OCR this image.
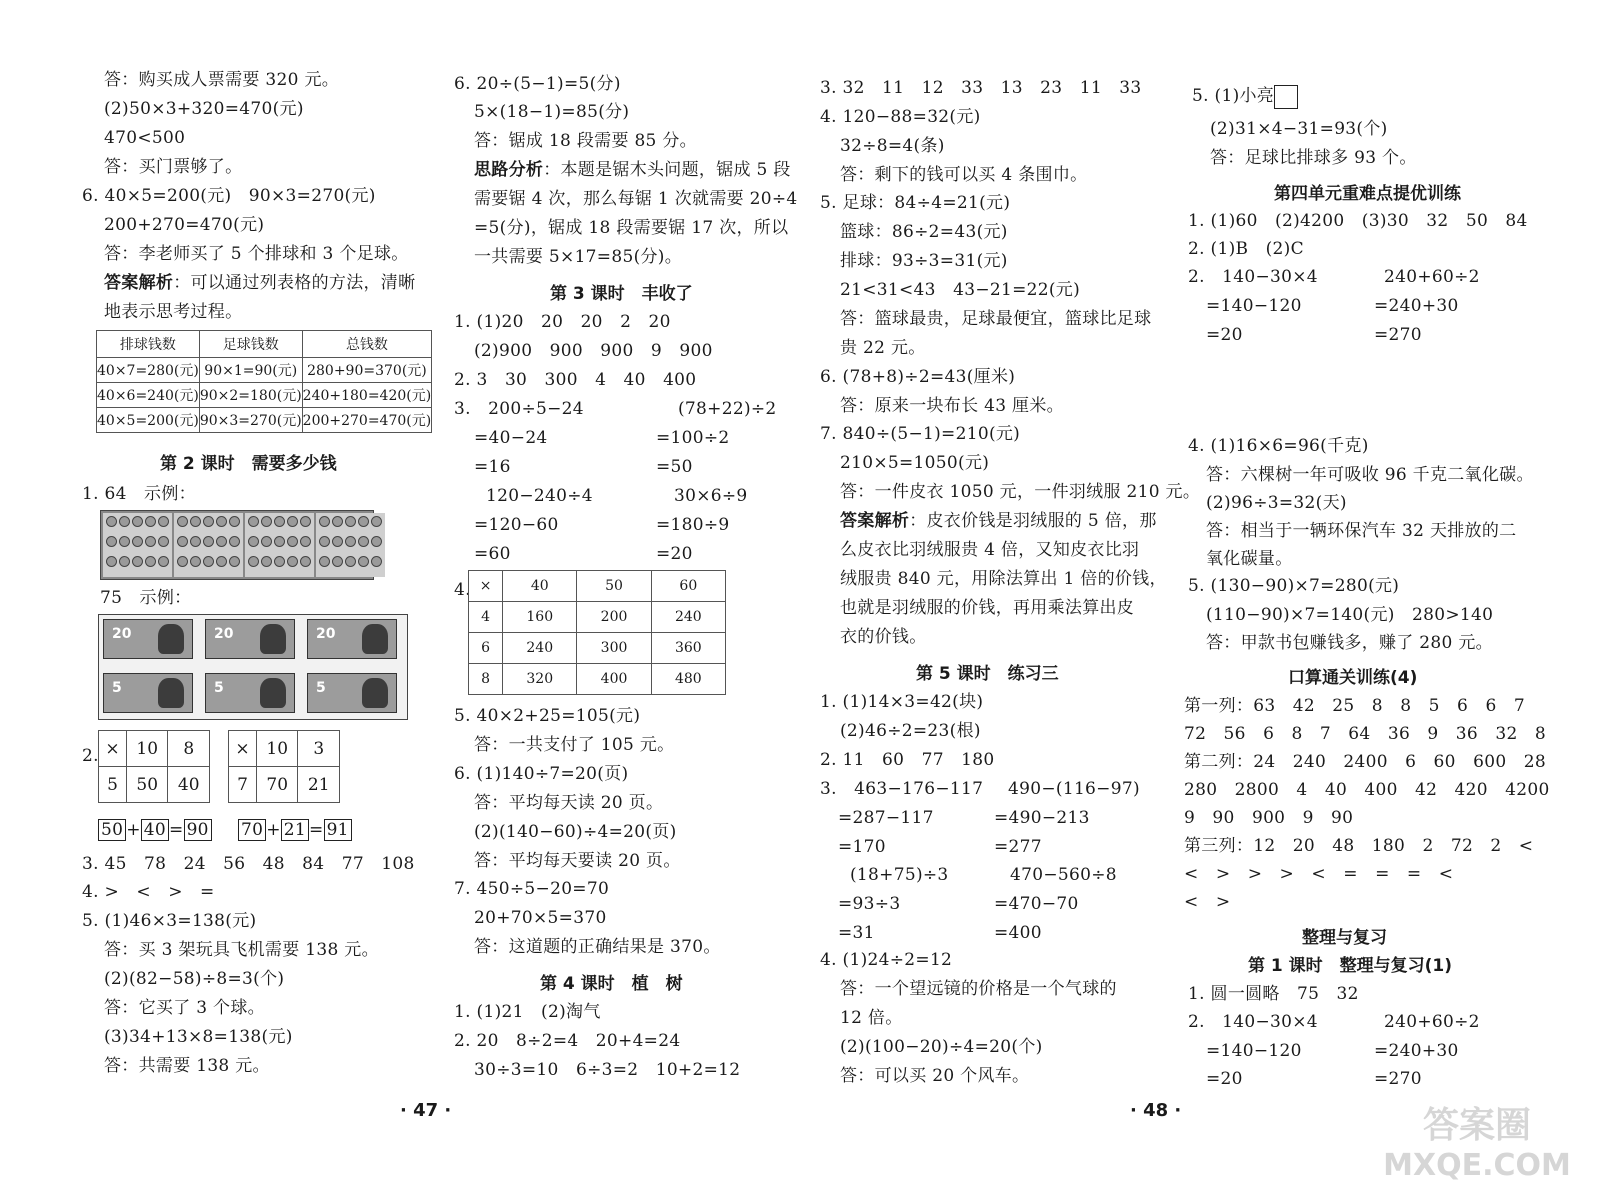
答：购买成人票需要 320 元。
(2)50×3+320=470(元)
470<500
答：买门票够了。
6. 40×5=200(元)　90×3=270(元)
200+270=470(元)
答：李老师买了 5 个排球和 3 个足球。
答案解析：可以通过列表格的方法，清晰
地表示思考过程。
排球钱数	足球钱数	总钱数
40×7=280(元)	90×1=90(元)	280+90=370(元)
40×6=240(元)	90×2=180(元)	240+180=420(元)
40×5=200(元)	90×3=270(元)	200+270=470(元)
第 2 课时　需要多少钱
1. 64　示例：
75　示例：
20	20	20
5	5	5
2. ×	10	8
5	50	40
×	10	3
7	70	21
50 + 40 = 90 70 + 21 = 91
3. 45　78　24　56　48　84　77　108
4. >　<　>　=
5. (1)46×3=138(元)
答：买 3 架玩具飞机需要 138 元。
(2)(82−58)÷8=3(个)
答：它买了 3 个球。
(3)34+13×8=138(元)
答：共需要 138 元。
6. 20÷(5−1)=5(分)
5×(18−1)=85(分)
答：锯成 18 段需要 85 分。
思路分析：本题是锯木头问题，锯成 5 段
需要锯 4 次，那么每锯 1 次就需要 20÷4
=5(分)，锯成 18 段需要锯 17 次，所以
一共需要 5×17=85(分)。
第 3 课时　丰收了
1. (1)20　20　20　2　20
(2)900　900　900　9　900
2. 3　30　300　4　40　400
3.　200÷5−24
=40−24
=16
120−240÷4
=120−60
=60
(78+22)÷2
=100÷2
=50
30×6÷9
=180÷9
=20
4. ×	40	50	60
4	160	200	240
6	240	300	360
8	320	400	480
5. 40×2+25=105(元)
答：一共支付了 105 元。
6. (1)140÷7=20(页)
答：平均每天读 20 页。
(2)(140−60)÷4=20(页)
答：平均每天要读 20 页。
7. 450÷5−20=70
20+70×5=370
答：这道题的正确结果是 370。
第 4 课时　植　树
1. (1)21　(2)淘气
2. 20　8÷2=4　20+4=24
30÷3=10　6÷3=2　10+2=12
· 47 ·
3. 32　11　12　33　13　23　11　33
4. 120−88=32(元)
32÷8=4(条)
答：剩下的钱可以买 4 条围巾。
5. 足球：84÷4=21(元)
篮球：86÷2=43(元)
排球：93÷3=31(元)
21<31<43　43−21=22(元)
答：篮球最贵，足球最便宜，篮球比足球
贵 22 元。
6. (78+8)÷2=43(厘米)
答：原来一块布长 43 厘米。
7. 840÷(5−1)=210(元)
210×5=1050(元)
答：一件皮衣 1050 元，一件羽绒服 210 元。
答案解析：皮衣价钱是羽绒服的 5 倍，那
么皮衣比羽绒服贵 4 倍，又知皮衣比羽
绒服贵 840 元，用除法算出 1 倍的价钱，
也就是羽绒服的价钱，再用乘法算出皮
衣的价钱。
第 5 课时　练习三
1. (1)14×3=42(块)
(2)46÷2=23(根)
2. 11　60　77　180
3.　463−176−117
=287−117
=170
(18+75)÷3
=93÷3
=31
490−(116−97)
=490−213
=277
470−560÷8
=470−70
=400
4. (1)24÷2=12
答：一个望远镜的价格是一个气球的
12 倍。
(2)(100−20)÷4=20(个)
答：可以买 20 个风车。
5. (1)小亮
(2)31×4−31=93(个)
答：足球比排球多 93 个。
第四单元重难点提优训练
1. (1)60　(2)4200　(3)30　32　50　84
2. (1)B　(2)C
2.　140−30×4
=140−120
=20
240+60÷2
=240+30
=270
4. (1)16×6=96(千克)
答：六棵树一年可吸收 96 千克二氧化碳。
(2)96÷3=32(天)
答：相当于一辆环保汽车 32 天排放的二
氧化碳量。
5. (130−90)×7=280(元)
(110−90)×7=140(元)　280>140
答：甲款书包赚钱多，赚了 280 元。
口算通关训练(4)
第一列：63　42　25　8　8　5　6　6　7
72　56　6　8　7　64　36　9　36　32　8
第二列：24　240　2400　6　60　600　28
280　2800　4　40　400　42　420　4200
9　90　900　9　90
第三列：12　20　48　180　2　72　2　<
<　>　>　>　<　=　=　=　<
<　>
整理与复习
第 1 课时　整理与复习(1)
1. 圆一圆略　75　32
2.　140−30×4
=140−120
=20
240+60÷2
=240+30
=270
· 48 ·	答案圈
MXQE.COM
